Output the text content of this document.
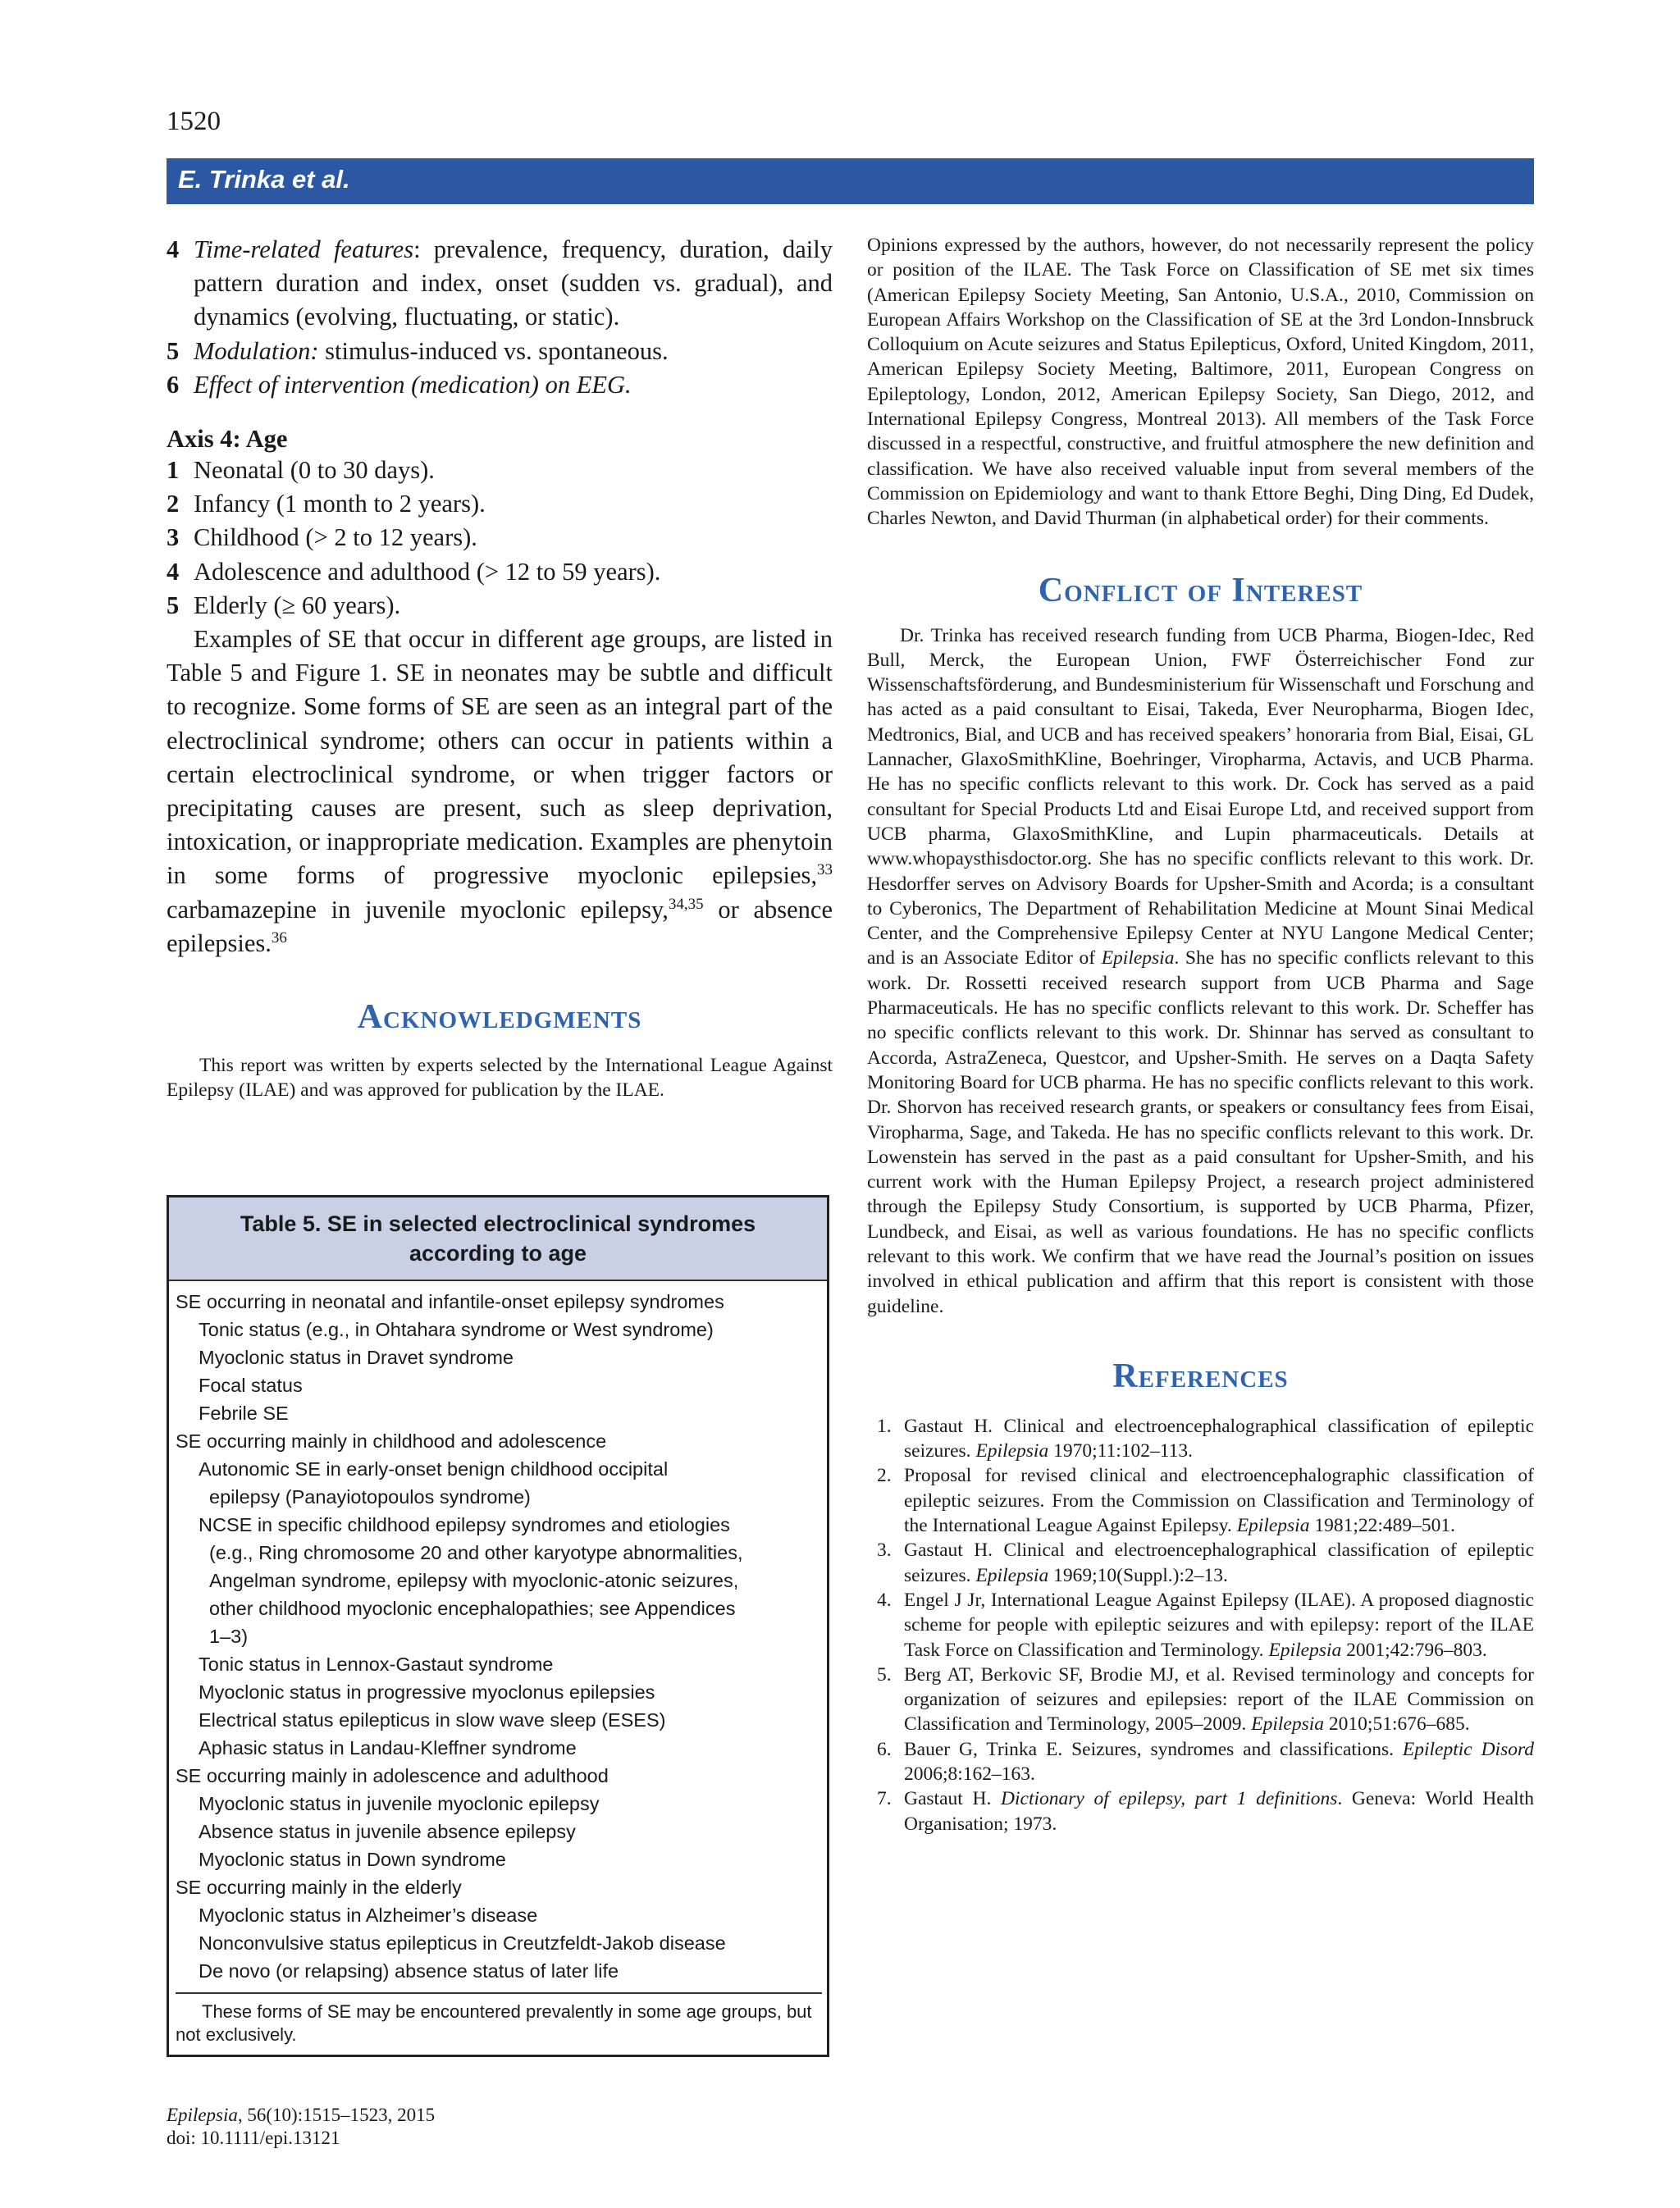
1520
E. Trinka et al.
4 Time-related features: prevalence, frequency, duration, daily pattern duration and index, onset (sudden vs. gradual), and dynamics (evolving, fluctuating, or static).
5 Modulation: stimulus-induced vs. spontaneous.
6 Effect of intervention (medication) on EEG.
Axis 4: Age
1 Neonatal (0 to 30 days).
2 Infancy (1 month to 2 years).
3 Childhood (> 2 to 12 years).
4 Adolescence and adulthood (> 12 to 59 years).
5 Elderly (≥ 60 years).
Examples of SE that occur in different age groups, are listed in Table 5 and Figure 1. SE in neonates may be subtle and difficult to recognize. Some forms of SE are seen as an integral part of the electroclinical syndrome; others can occur in patients within a certain electroclinical syndrome, or when trigger factors or precipitating causes are present, such as sleep deprivation, intoxication, or inappropriate medication. Examples are phenytoin in some forms of progressive myoclonic epilepsies,$^{33}$ carbamazepine in juvenile myoclonic epilepsy,$^{34,35}$ or absence epilepsies.$^{36}$
Acknowledgments
This report was written by experts selected by the International League Against Epilepsy (ILAE) and was approved for publication by the ILAE.
Table 5. SE in selected electroclinical syndromes according to age
SE occurring in neonatal and infantile-onset epilepsy syndromes
Tonic status (e.g., in Ohtahara syndrome or West syndrome)
Myoclonic status in Dravet syndrome
Focal status
Febrile SE
SE occurring mainly in childhood and adolescence
Autonomic SE in early-onset benign childhood occipital
epilepsy (Panayiotopoulos syndrome)
NCSE in specific childhood epilepsy syndromes and etiologies
(e.g., Ring chromosome 20 and other karyotype abnormalities,
Angelman syndrome, epilepsy with myoclonic-atonic seizures,
other childhood myoclonic encephalopathies; see Appendices
1–3)
Tonic status in Lennox-Gastaut syndrome
Myoclonic status in progressive myoclonus epilepsies
Electrical status epilepticus in slow wave sleep (ESES)
Aphasic status in Landau-Kleffner syndrome
SE occurring mainly in adolescence and adulthood
Myoclonic status in juvenile myoclonic epilepsy
Absence status in juvenile absence epilepsy
Myoclonic status in Down syndrome
SE occurring mainly in the elderly
Myoclonic status in Alzheimer’s disease
Nonconvulsive status epilepticus in Creutzfeldt-Jakob disease
De novo (or relapsing) absence status of later life
These forms of SE may be encountered prevalently in some age groups, but not exclusively.
Opinions expressed by the authors, however, do not necessarily represent the policy or position of the ILAE. The Task Force on Classification of SE met six times (American Epilepsy Society Meeting, San Antonio, U.S.A., 2010, Commission on European Affairs Workshop on the Classification of SE at the 3rd London-Innsbruck Colloquium on Acute seizures and Status Epilepticus, Oxford, United Kingdom, 2011, American Epilepsy Society Meeting, Baltimore, 2011, European Congress on Epileptology, London, 2012, American Epilepsy Society, San Diego, 2012, and International Epilepsy Congress, Montreal 2013). All members of the Task Force discussed in a respectful, constructive, and fruitful atmosphere the new definition and classification. We have also received valuable input from several members of the Commission on Epidemiology and want to thank Ettore Beghi, Ding Ding, Ed Dudek, Charles Newton, and David Thurman (in alphabetical order) for their comments.
Conflict of Interest
Dr. Trinka has received research funding from UCB Pharma, Biogen-Idec, Red Bull, Merck, the European Union, FWF Österreichischer Fond zur Wissenschaftsförderung, and Bundesministerium für Wissenschaft und Forschung and has acted as a paid consultant to Eisai, Takeda, Ever Neuropharma, Biogen Idec, Medtronics, Bial, and UCB and has received speakers’ honoraria from Bial, Eisai, GL Lannacher, GlaxoSmithKline, Boehringer, Viropharma, Actavis, and UCB Pharma. He has no specific conflicts relevant to this work. Dr. Cock has served as a paid consultant for Special Products Ltd and Eisai Europe Ltd, and received support from UCB pharma, GlaxoSmithKline, and Lupin pharmaceuticals. Details at www.whopaysthisdoctor.org. She has no specific conflicts relevant to this work. Dr. Hesdorffer serves on Advisory Boards for Upsher-Smith and Acorda; is a consultant to Cyberonics, The Department of Rehabilitation Medicine at Mount Sinai Medical Center, and the Comprehensive Epilepsy Center at NYU Langone Medical Center; and is an Associate Editor of Epilepsia. She has no specific conflicts relevant to this work. Dr. Rossetti received research support from UCB Pharma and Sage Pharmaceuticals. He has no specific conflicts relevant to this work. Dr. Scheffer has no specific conflicts relevant to this work. Dr. Shinnar has served as consultant to Accorda, AstraZeneca, Questcor, and Upsher-Smith. He serves on a Daqta Safety Monitoring Board for UCB pharma. He has no specific conflicts relevant to this work. Dr. Shorvon has received research grants, or speakers or consultancy fees from Eisai, Viropharma, Sage, and Takeda. He has no specific conflicts relevant to this work. Dr. Lowenstein has served in the past as a paid consultant for Upsher-Smith, and his current work with the Human Epilepsy Project, a research project administered through the Epilepsy Study Consortium, is supported by UCB Pharma, Pfizer, Lundbeck, and Eisai, as well as various foundations. He has no specific conflicts relevant to this work. We confirm that we have read the Journal’s position on issues involved in ethical publication and affirm that this report is consistent with those guideline.
References
1. Gastaut H. Clinical and electroencephalographical classification of epileptic seizures. Epilepsia 1970;11:102–113.
2. Proposal for revised clinical and electroencephalographic classification of epileptic seizures. From the Commission on Classification and Terminology of the International League Against Epilepsy. Epilepsia 1981;22:489–501.
3. Gastaut H. Clinical and electroencephalographical classification of epileptic seizures. Epilepsia 1969;10(Suppl.):2–13.
4. Engel J Jr, International League Against Epilepsy (ILAE). A proposed diagnostic scheme for people with epileptic seizures and with epilepsy: report of the ILAE Task Force on Classification and Terminology. Epilepsia 2001;42:796–803.
5. Berg AT, Berkovic SF, Brodie MJ, et al. Revised terminology and concepts for organization of seizures and epilepsies: report of the ILAE Commission on Classification and Terminology, 2005–2009. Epilepsia 2010;51:676–685.
6. Bauer G, Trinka E. Seizures, syndromes and classifications. Epileptic Disord 2006;8:162–163.
7. Gastaut H. Dictionary of epilepsy, part 1 definitions. Geneva: World Health Organisation; 1973.
Epilepsia, 56(10):1515–1523, 2015
doi: 10.1111/epi.13121
